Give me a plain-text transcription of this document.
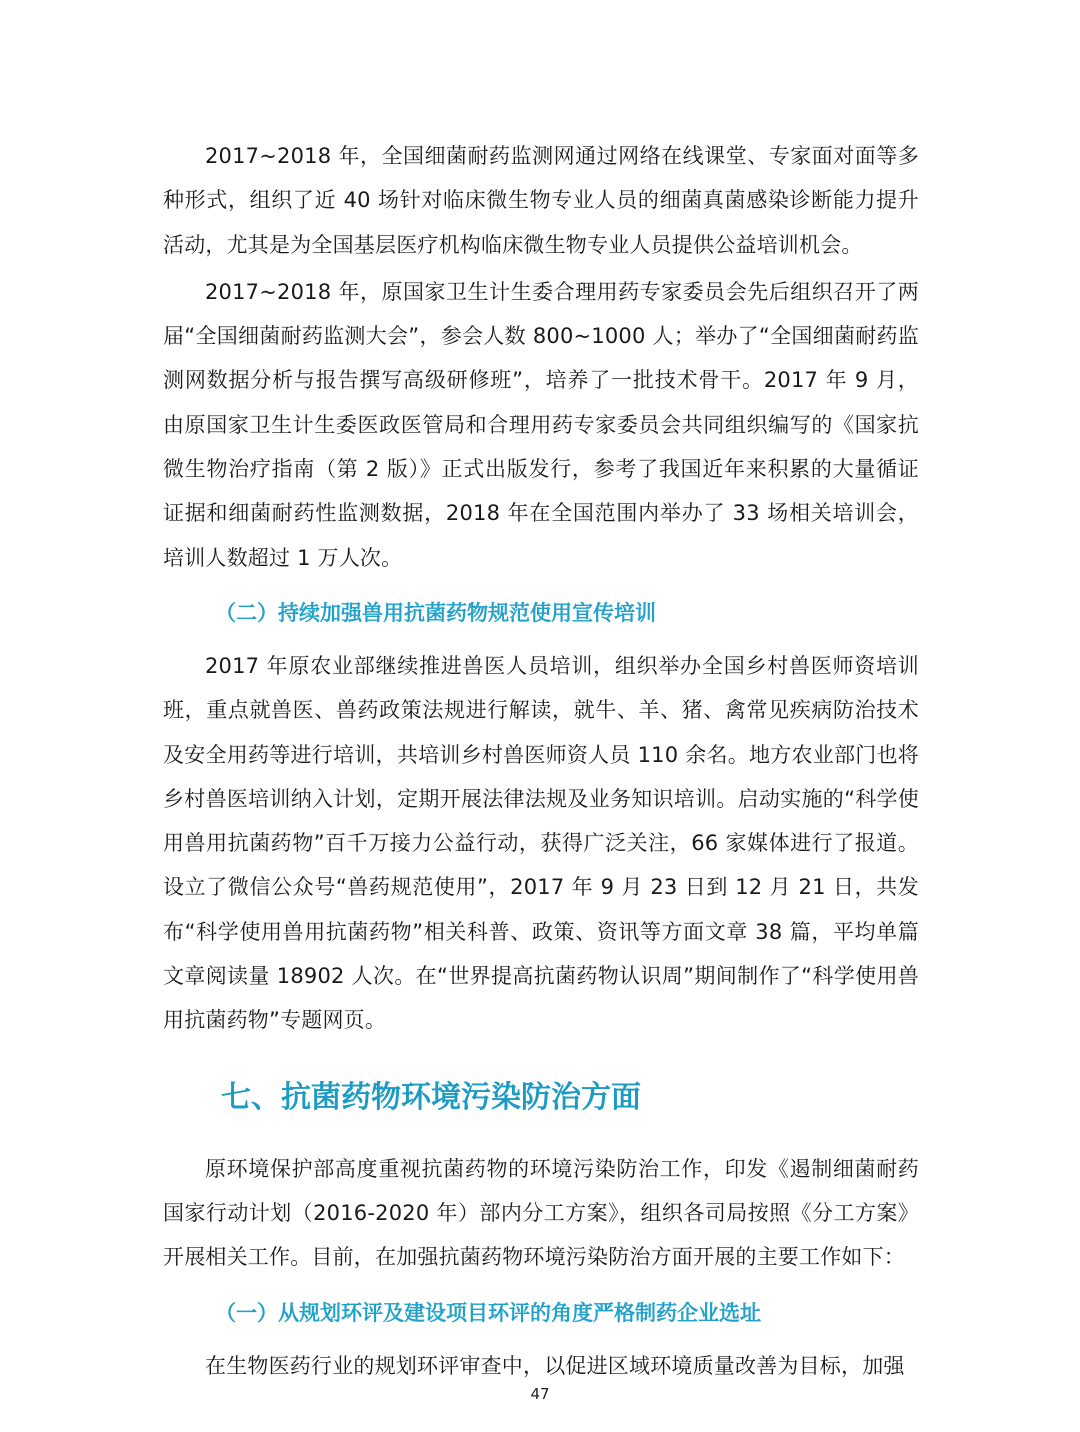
2017~2018 年，全国细菌耐药监测网通过网络在线课堂、专家面对面等多种形式，组织了近 40 场针对临床微生物专业人员的细菌真菌感染诊断能力提升活动，尤其是为全国基层医疗机构临床微生物专业人员提供公益培训机会。

2017~2018 年，原国家卫生计生委合理用药专家委员会先后组织召开了两届“全国细菌耐药监测大会”，参会人数 800~1000 人；举办了“全国细菌耐药监测网数据分析与报告撰写高级研修班”，培养了一批技术骨干。2017 年 9 月，由原国家卫生计生委医政医管局和合理用药专家委员会共同组织编写的《国家抗微生物治疗指南（第 2 版）》正式出版发行，参考了我国近年来积累的大量循证证据和细菌耐药性监测数据，2018 年在全国范围内举办了 33 场相关培训会，培训人数超过 1 万人次。

（二）持续加强兽用抗菌药物规范使用宣传培训

2017 年原农业部继续推进兽医人员培训，组织举办全国乡村兽医师资培训班，重点就兽医、兽药政策法规进行解读，就牛、羊、猪、禽常见疾病防治技术及安全用药等进行培训，共培训乡村兽医师资人员 110 余名。地方农业部门也将乡村兽医培训纳入计划，定期开展法律法规及业务知识培训。启动实施的“科学使用兽用抗菌药物”百千万接力公益行动，获得广泛关注，66 家媒体进行了报道。设立了微信公众号“兽药规范使用”，2017 年 9 月 23 日到 12 月 21 日，共发布“科学使用兽用抗菌药物”相关科普、政策、资讯等方面文章 38 篇，平均单篇文章阅读量 18902 人次。在“世界提高抗菌药物认识周”期间制作了“科学使用兽用抗菌药物”专题网页。

七、抗菌药物环境污染防治方面

原环境保护部高度重视抗菌药物的环境污染防治工作，印发《遏制细菌耐药国家行动计划（2016-2020 年）部内分工方案》，组织各司局按照《分工方案》开展相关工作。目前，在加强抗菌药物环境污染防治方面开展的主要工作如下：

（一）从规划环评及建设项目环评的角度严格制药企业选址

在生物医药行业的规划环评审查中，以促进区域环境质量改善为目标，加强

47
